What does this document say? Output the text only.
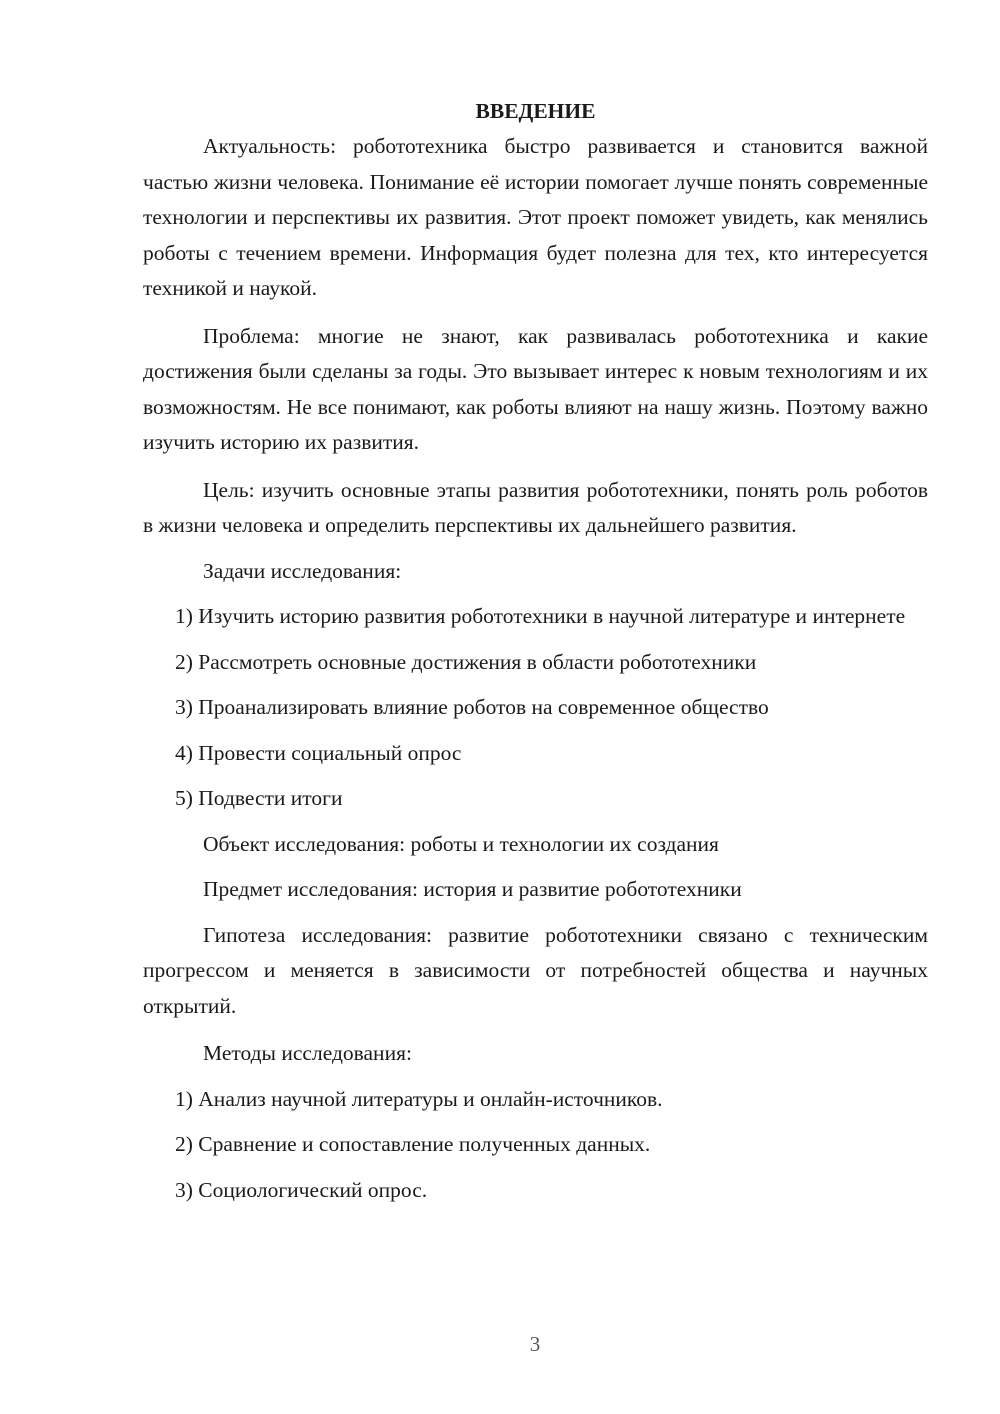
ВВЕДЕНИЕ

Актуальность: робототехника быстро развивается и становится важной частью жизни человека. Понимание её истории помогает лучше понять современные технологии и перспективы их развития. Этот проект поможет увидеть, как менялись роботы с течением времени. Информация будет полезна для тех, кто интересуется техникой и наукой.

Проблема: многие не знают, как развивалась робототехника и какие достижения были сделаны за годы. Это вызывает интерес к новым технологиям и их возможностям. Не все понимают, как роботы влияют на нашу жизнь. Поэтому важно изучить историю их развития.

Цель: изучить основные этапы развития робототехники, понять роль роботов в жизни человека и определить перспективы их дальнейшего развития.

Задачи исследования:

1) Изучить историю развития робототехники в научной литературе и интернете

2) Рассмотреть основные достижения в области робототехники

3) Проанализировать влияние роботов на современное общество

4) Провести социальный опрос

5) Подвести итоги

Объект исследования: роботы и технологии их создания

Предмет исследования: история и развитие робототехники

Гипотеза исследования: развитие робототехники связано с техническим прогрессом и меняется в зависимости от потребностей общества и научных открытий.

Методы исследования:

1) Анализ научной литературы и онлайн-источников.

2) Сравнение и сопоставление полученных данных.

3) Социологический опрос.

3
